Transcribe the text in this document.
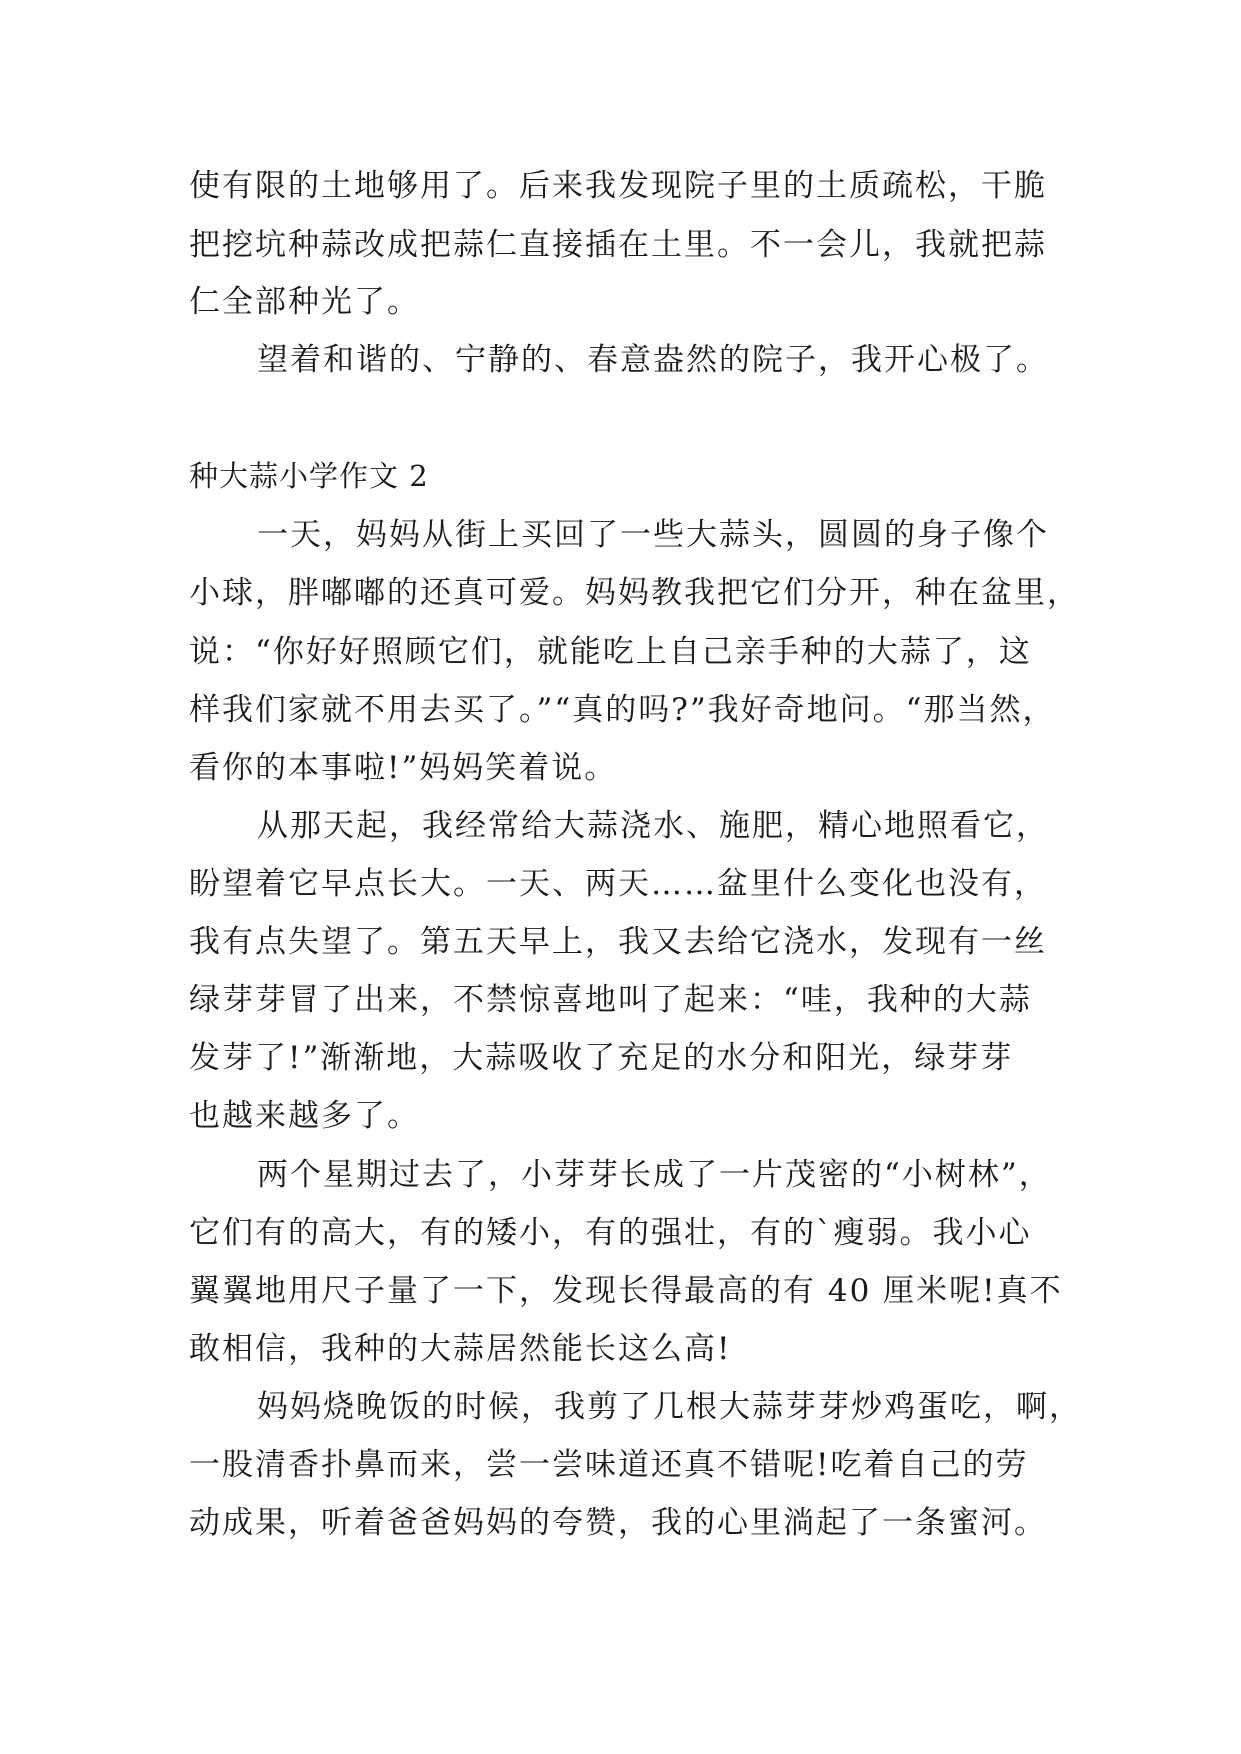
使有限的土地够用了。后来我发现院子里的土质疏松，干脆
把挖坑种蒜改成把蒜仁直接插在土里。不一会儿，我就把蒜
仁全部种光了。
望着和谐的、宁静的、春意盎然的院子，我开心极了。
种大蒜小学作文 2
一天，妈妈从街上买回了一些大蒜头，圆圆的身子像个
小球，胖嘟嘟的还真可爱。妈妈教我把它们分开，种在盆里，
说：“你好好照顾它们，就能吃上自己亲手种的大蒜了，这
样我们家就不用去买了。”“真的吗?”我好奇地问。“那当然，
看你的本事啦!”妈妈笑着说。
从那天起，我经常给大蒜浇水、施肥，精心地照看它，
盼望着它早点长大。一天、两天……盆里什么变化也没有，
我有点失望了。第五天早上，我又去给它浇水，发现有一丝
绿芽芽冒了出来，不禁惊喜地叫了起来：“哇，我种的大蒜
发芽了!”渐渐地，大蒜吸收了充足的水分和阳光，绿芽芽
也越来越多了。
两个星期过去了，小芽芽长成了一片茂密的“小树林”，
它们有的高大，有的矮小，有的强壮，有的`瘦弱。我小心
翼翼地用尺子量了一下，发现长得最高的有 40 厘米呢!真不
敢相信，我种的大蒜居然能长这么高!
妈妈烧晚饭的时候，我剪了几根大蒜芽芽炒鸡蛋吃，啊，
一股清香扑鼻而来，尝一尝味道还真不错呢!吃着自己的劳
动成果，听着爸爸妈妈的夸赞，我的心里淌起了一条蜜河。
